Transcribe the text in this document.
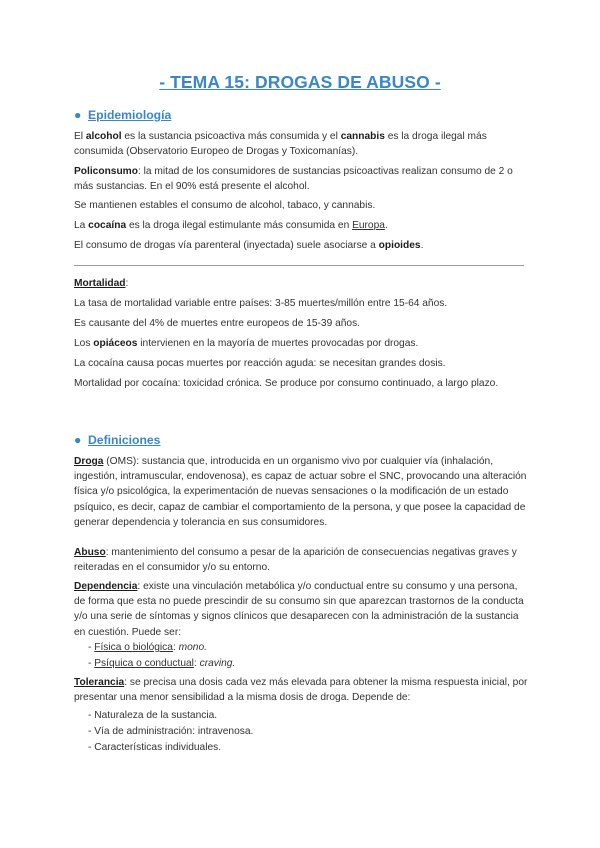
- TEMA 15: DROGAS DE ABUSO -
● Epidemiología
El alcohol es la sustancia psicoactiva más consumida y el cannabis es la droga ilegal más consumida (Observatorio Europeo de Drogas y Toxicomanías).
Policonsumo: la mitad de los consumidores de sustancias psicoactivas realizan consumo de 2 o más sustancias. En el 90% está presente el alcohol.
Se mantienen estables el consumo de alcohol, tabaco, y cannabis.
La cocaína es la droga ilegal estimulante más consumida en Europa.
El consumo de drogas vía parenteral (inyectada) suele asociarse a opioides.
Mortalidad:
La tasa de mortalidad variable entre países: 3-85 muertes/millón entre 15-64 años.
Es causante del 4% de muertes entre europeos de 15-39 años.
Los opiáceos intervienen en la mayoría de muertes provocadas por drogas.
La cocaína causa pocas muertes por reacción aguda: se necesitan grandes dosis.
Mortalidad por cocaína: toxicidad crónica. Se produce por consumo continuado, a largo plazo.
● Definiciones
Droga (OMS): sustancia que, introducida en un organismo vivo por cualquier vía (inhalación, ingestión, intramuscular, endovenosa), es capaz de actuar sobre el SNC, provocando una alteración física y/o psicológica, la experimentación de nuevas sensaciones o la modificación de un estado psíquico, es decir, capaz de cambiar el comportamiento de la persona, y que posee la capacidad de generar dependencia y tolerancia en sus consumidores.
Abuso: mantenimiento del consumo a pesar de la aparición de consecuencias negativas graves y reiteradas en el consumidor y/o su entorno.
Dependencia: existe una vinculación metabólica y/o conductual entre su consumo y una persona, de forma que esta no puede prescindir de su consumo sin que aparezcan trastornos de la conducta y/o una serie de síntomas y signos clínicos que desaparecen con la administración de la sustancia en cuestión. Puede ser:
- Física o biológica: mono.
- Psíquica o conductual: craving.
Tolerancia: se precisa una dosis cada vez más elevada para obtener la misma respuesta inicial, por presentar una menor sensibilidad a la misma dosis de droga. Depende de:
- Naturaleza de la sustancia.
- Vía de administración: intravenosa.
- Características individuales.
